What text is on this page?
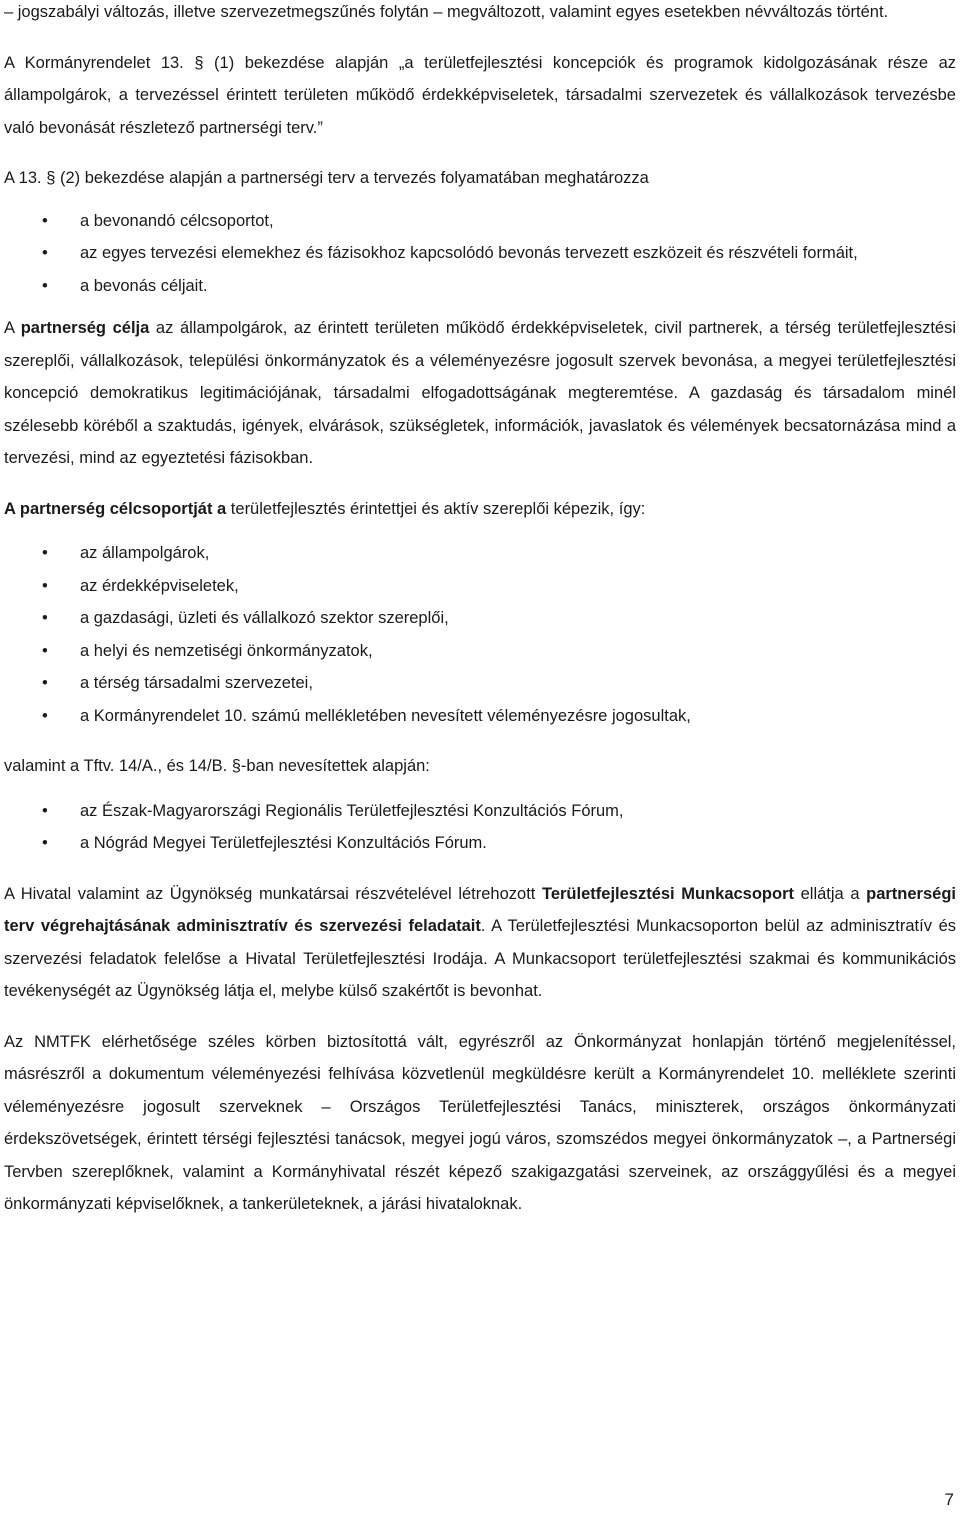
– jogszabályi változás, illetve szervezetmegszűnés folytán – megváltozott, valamint egyes esetekben névváltozás történt.

A Kormányrendelet 13. § (1) bekezdése alapján „a területfejlesztési koncepciók és programok kidolgozásának része az állampolgárok, a tervezéssel érintett területen működő érdekképviseletek, társadalmi szervezetek és vállalkozások tervezésbe való bevonását részletező partnerségi terv.”

A 13. § (2) bekezdése alapján a partnerségi terv a tervezés folyamatában meghatározza

• a bevonandó célcsoportot,
• az egyes tervezési elemekhez és fázisokhoz kapcsolódó bevonás tervezett eszközeit és részvételi formáit,
• a bevonás céljait.

A partnerség célja az állampolgárok, az érintett területen működő érdekképviseletek, civil partnerek, a térség területfejlesztési szereplői, vállalkozások, települési önkormányzatok és a véleményezésre jogosult szervek bevonása, a megyei területfejlesztési koncepció demokratikus legitimációjának, társadalmi elfogadottságának megteremtése. A gazdaság és társadalom minél szélesebb köréből a szaktudás, igények, elvárások, szükségletek, információk, javaslatok és vélemények becsatornázása mind a tervezési, mind az egyeztetési fázisokban.

A partnerség célcsoportját a területfejlesztés érintettjei és aktív szereplői képezik, így:

• az állampolgárok,
• az érdekképviseletek,
• a gazdasági, üzleti és vállalkozó szektor szereplői,
• a helyi és nemzetiségi önkormányzatok,
• a térség társadalmi szervezetei,
• a Kormányrendelet 10. számú mellékletében nevesített véleményezésre jogosultak,

valamint a Tftv. 14/A., és 14/B. §-ban nevesítettek alapján:

• az Észak-Magyarországi Regionális Területfejlesztési Konzultációs Fórum,
• a Nógrád Megyei Területfejlesztési Konzultációs Fórum.

A Hivatal valamint az Ügynökség munkatársai részvételével létrehozott Területfejlesztési Munkacsoport ellátja a partnerségi terv végrehajtásának adminisztratív és szervezési feladatait. A Területfejlesztési Munkacsoporton belül az adminisztratív és szervezési feladatok felelőse a Hivatal Területfejlesztési Irodája. A Munkacsoport területfejlesztési szakmai és kommunikációs tevékenységét az Ügynökség látja el, melybe külső szakértőt is bevonhat.

Az NMTFK elérhetősége széles körben biztosítottá vált, egyrészről az Önkormányzat honlapján történő megjelenítéssel, másrészről a dokumentum véleményezési felhívása közvetlenül megküldésre került a Kormányrendelet 10. melléklete szerinti véleményezésre jogosult szerveknek – Országos Területfejlesztési Tanács, miniszterek, országos önkormányzati érdekszövetségek, érintett térségi fejlesztési tanácsok, megyei jogú város, szomszédos megyei önkormányzatok –, a Partnerségi Tervben szereplőknek, valamint a Kormányhivatal részét képező szakigazgatási szerveinek, az országgyűlési és a megyei önkormányzati képviselőknek, a tankerületeknek, a járási hivataloknak.

7
